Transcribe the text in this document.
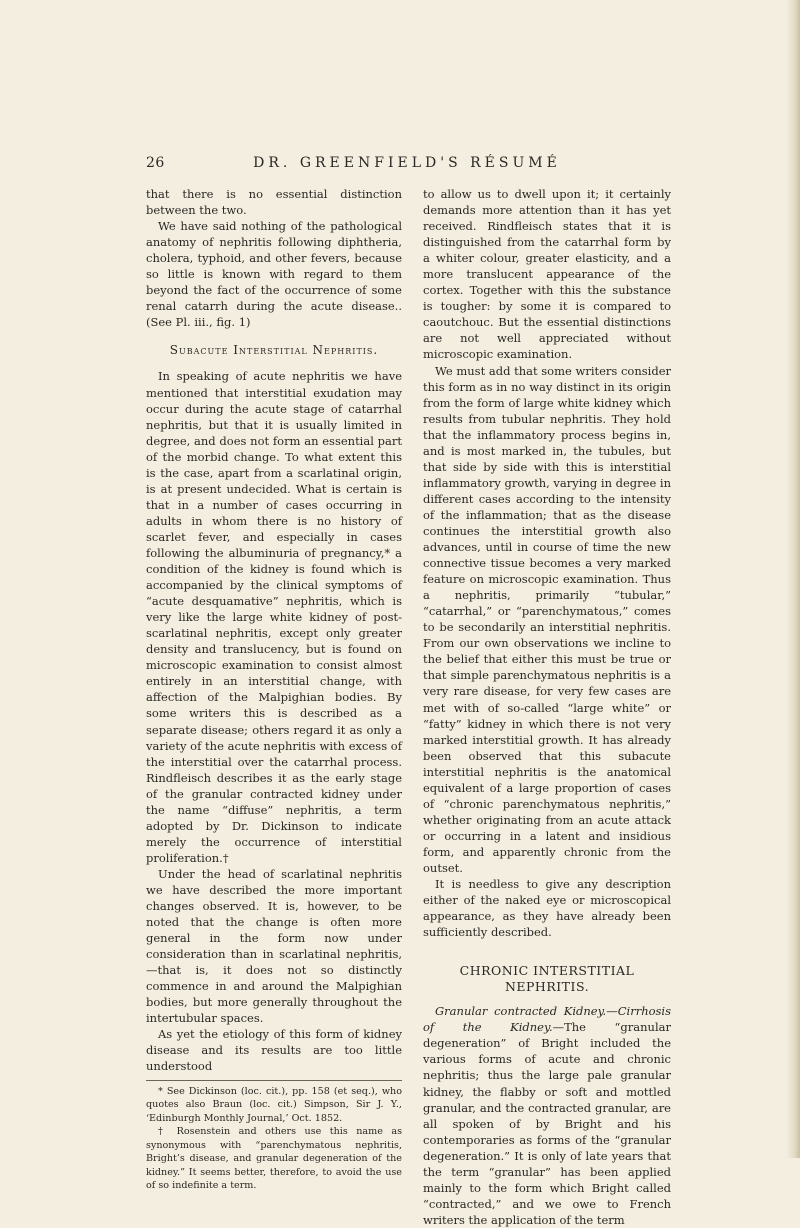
26	DR. GREENFIELD'S RÉSUMÉ

that there is no essential distinction between the two.

We have said nothing of the pathological anatomy of nephritis following diphtheria, cholera, typhoid, and other fevers, because so little is known with regard to them beyond the fact of the occurrence of some renal catarrh during the acute disease.. (See Pl. iii., fig. 1)

Subacute Interstitial Nephritis.

In speaking of acute nephritis we have mentioned that interstitial exudation may occur during the acute stage of catarrhal nephritis, but that it is usually limited in degree, and does not form an essential part of the morbid change. To what extent this is the case, apart from a scarlatinal origin, is at present undecided. What is certain is that in a number of cases occurring in adults in whom there is no history of scarlet fever, and especially in cases following the albuminuria of pregnancy,* a condition of the kidney is found which is accompanied by the clinical symptoms of “acute desquamative” nephritis, which is very like the large white kidney of post-scarlatinal nephritis, except only greater density and translucency, but is found on microscopic examination to consist almost entirely in an interstitial change, with affection of the Malpighian bodies. By some writers this is described as a separate disease; others regard it as only a variety of the acute nephritis with excess of the interstitial over the catarrhal process. Rindfleisch describes it as the early stage of the granular contracted kidney under the name “diffuse” nephritis, a term adopted by Dr. Dickinson to indicate merely the occurrence of interstitial proliferation.†

Under the head of scarlatinal nephritis we have described the more important changes observed. It is, however, to be noted that the change is often more general in the form now under consideration than in scarlatinal nephritis, —that is, it does not so distinctly commence in and around the Malpighian bodies, but more generally throughout the intertubular spaces.

As yet the etiology of this form of kidney disease and its results are too little understood

* See Dickinson (loc. cit.), pp. 158 (et seq.), who quotes also Braun (loc. cit.) Simpson, Sir J. Y., ‘Edinburgh Monthly Journal,’ Oct. 1852.

† Rosenstein and others use this name as synonymous with “parenchymatous nephritis, Bright’s disease, and granular degeneration of the kidney.” It seems better, therefore, to avoid the use of so indefinite a term.

to allow us to dwell upon it; it certainly demands more attention than it has yet received. Rindfleisch states that it is distinguished from the catarrhal form by a whiter colour, greater elasticity, and a more translucent appearance of the cortex. Together with this the substance is tougher: by some it is compared to caoutchouc. But the essential distinctions are not well appreciated without microscopic examination.

We must add that some writers consider this form as in no way distinct in its origin from the form of large white kidney which results from tubular nephritis. They hold that the inflammatory process begins in, and is most marked in, the tubules, but that side by side with this is interstitial inflammatory growth, varying in degree in different cases according to the intensity of the inflammation; that as the disease continues the interstitial growth also advances, until in course of time the new connective tissue becomes a very marked feature on microscopic examination. Thus a nephritis, primarily “tubular,” “catarrhal,” or “parenchymatous,” comes to be secondarily an interstitial nephritis. From our own observations we incline to the belief that either this must be true or that simple parenchymatous nephritis is a very rare disease, for very few cases are met with of so-called “large white” or “fatty” kidney in which there is not very marked interstitial growth. It has already been observed that this subacute interstitial nephritis is the anatomical equivalent of a large proportion of cases of “chronic parenchymatous nephritis,” whether originating from an acute attack or occurring in a latent and insidious form, and apparently chronic from the outset.

It is needless to give any description either of the naked eye or microscopical appearance, as they have already been sufficiently described.

CHRONIC INTERSTITIAL NEPHRITIS.

Granular contracted Kidney.—Cirrhosis of the Kidney.—The “granular degeneration” of Bright included the various forms of acute and chronic nephritis; thus the large pale granular kidney, the flabby or soft and mottled granular, and the contracted granular, are all spoken of by Bright and his contemporaries as forms of the “granular degeneration.” It is only of late years that the term “granular” has been applied mainly to the form which Bright called “contracted,” and we owe to French writers the application of the term
